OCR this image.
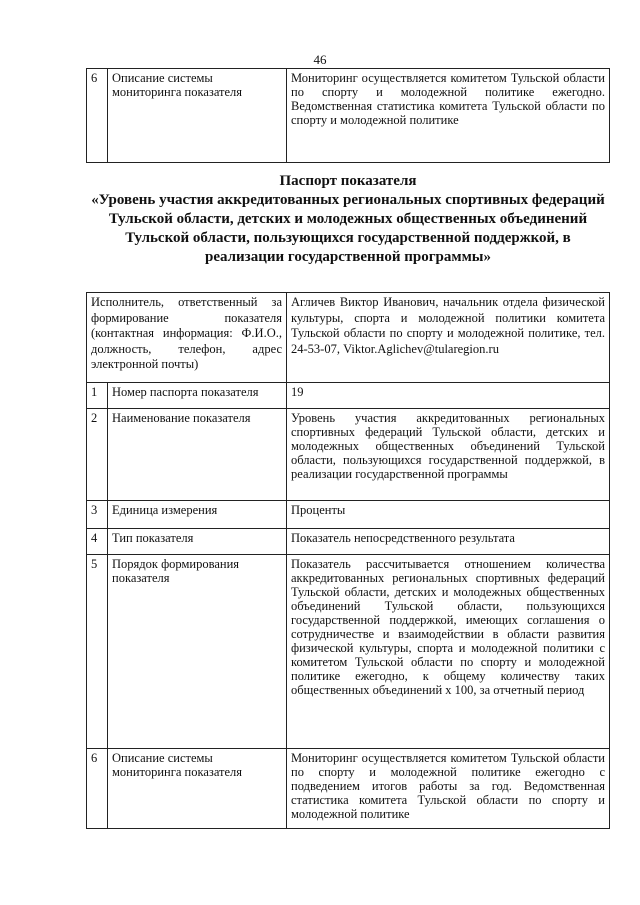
46
6	Описание системы мониторинга показателя	Мониторинг осуществляется комитетом Тульской области по спорту и молодежной политике ежегодно. Ведомственная статистика комитета Тульской области по спорту и молодежной политике
Паспорт показателя
«Уровень участия аккредитованных региональных спортивных федераций Тульской области, детских и молодежных общественных объединений Тульской области, пользующихся государственной поддержкой, в реализации государственной программы»
Исполнитель, ответственный за формирование показателя (контактная информация: Ф.И.О., должность, телефон, адрес электронной почты)		Агличев Виктор Иванович, начальник отдела физической культуры, спорта и молодежной политики комитета Тульской области по спорту и молодежной политике, тел. 24-53-07, Viktor.Aglichev@tularegion.ru
1	Номер паспорта показателя	19
2	Наименование показателя	Уровень участия аккредитованных региональных спортивных федераций Тульской области, детских и молодежных общественных объединений Тульской области, пользующихся государственной поддержкой, в реализации государственной программы
3	Единица измерения	Проценты
4	Тип показателя	Показатель непосредственного результата
5	Порядок формирования показателя	Показатель рассчитывается отношением количества аккредитованных региональных спортивных федераций Тульской области, детских и молодежных общественных объединений Тульской области, пользующихся государственной поддержкой, имеющих соглашения о сотрудничестве и взаимодействии в области развития физической культуры, спорта и молодежной политики с комитетом Тульской области по спорту и молодежной политике ежегодно, к общему количеству таких общественных объединений х 100, за отчетный период
6	Описание системы мониторинга показателя	Мониторинг осуществляется комитетом Тульской области по спорту и молодежной политике ежегодно с подведением итогов работы за год. Ведомственная статистика комитета Тульской области по спорту и молодежной политике
